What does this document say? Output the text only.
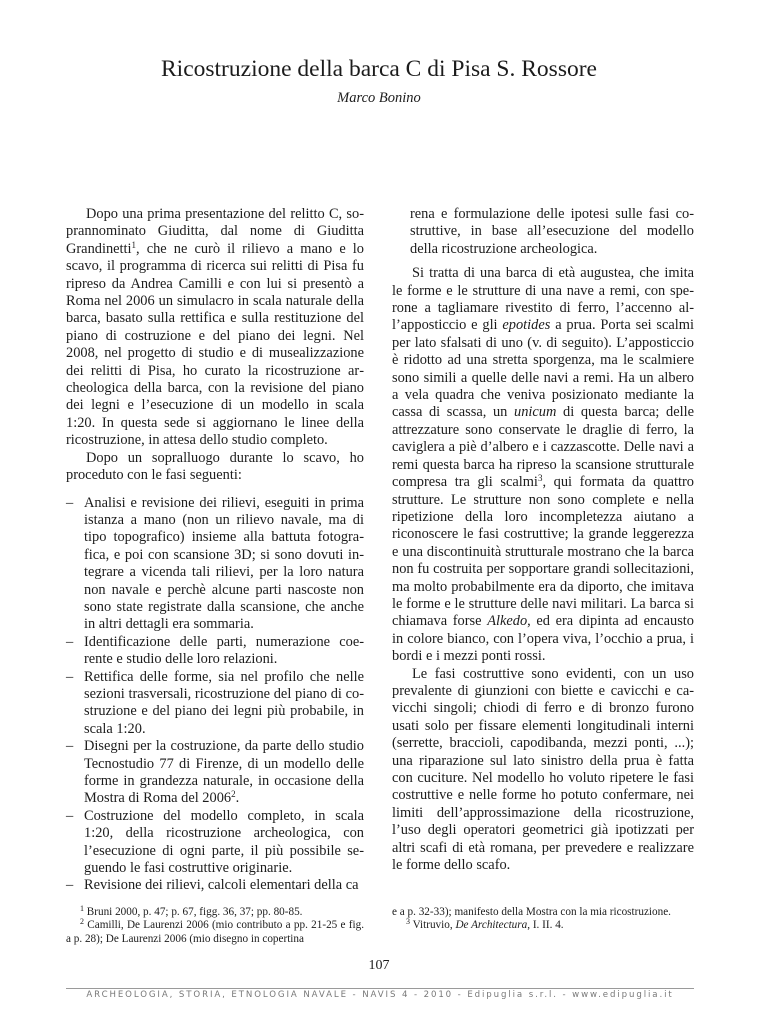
Ricostruzione della barca C di Pisa S. Rossore
Marco Bonino

Dopo una prima presentazione del relitto C, soprannominato Giuditta, dal nome di Giuditta Grandinetti$^1$, che ne curò il rilievo a mano e lo scavo, il programma di ricerca sui relitti di Pisa fu ripreso da Andrea Camilli e con lui si presentò a Roma nel 2006 un simulacro in scala naturale della barca, basato sulla rettifica e sulla restituzione del piano di costruzione e del piano dei legni. Nel 2008, nel progetto di studio e di musealizzazione dei relitti di Pisa, ho curato la ricostruzione archeologica della barca, con la revisione del piano dei legni e l’esecuzione di un modello in scala 1:20. In questa sede si aggiornano le linee della ricostruzione, in attesa dello studio completo.

Dopo un sopralluogo durante lo scavo, ho proceduto con le fasi seguenti:

– Analisi e revisione dei rilievi, eseguiti in prima istanza a mano (non un rilievo navale, ma di tipo topografico) insieme alla battuta fotografica, e poi con scansione 3D; si sono dovuti integrare a vicenda tali rilievi, per la loro natura non navale e perchè alcune parti nascoste non sono state registrate dalla scansione, che anche in altri dettagli era sommaria.
– Identificazione delle parti, numerazione coerente e studio delle loro relazioni.
– Rettifica delle forme, sia nel profilo che nelle sezioni trasversali, ricostruzione del piano di costruzione e del piano dei legni più probabile, in scala 1:20.
– Disegni per la costruzione, da parte dello studio Tecnostudio 77 di Firenze, di un modello delle forme in grandezza naturale, in occasione della Mostra di Roma del 2006$^2$.
– Costruzione del modello completo, in scala 1:20, della ricostruzione archeologica, con l’esecuzione di ogni parte, il più possibile seguendo le fasi costruttive originarie.
– Revisione dei rilievi, calcoli elementari della ca

rena e formulazione delle ipotesi sulle fasi costruttive, in base all’esecuzione del modello della ricostruzione archeologica.

Si tratta di una barca di età augustea, che imita le forme e le strutture di una nave a remi, con sperone a tagliamare rivestito di ferro, l’accenno all’apposticcio e gli epotides a prua. Porta sei scalmi per lato sfalsati di uno (v. di seguito). L’apposticcio è ridotto ad una stretta sporgenza, ma le scalmiere sono simili a quelle delle navi a remi. Ha un albero a vela quadra che veniva posizionato mediante la cassa di scassa, un unicum di questa barca; delle attrezzature sono conservate le draglie di ferro, la caviglera a piè d’albero e i cazzascotte. Delle navi a remi questa barca ha ripreso la scansione strutturale compresa tra gli scalmi$^3$, qui formata da quattro strutture. Le strutture non sono complete e nella ripetizione della loro incompletezza aiutano a riconoscere le fasi costruttive; la grande leggerezza e una discontinuità strutturale mostrano che la barca non fu costruita per sopportare grandi sollecitazioni, ma molto probabilmente era da diporto, che imitava le forme e le strutture delle navi militari. La barca si chiamava forse Alkedo, ed era dipinta ad encausto in colore bianco, con l’opera viva, l’occhio a prua, i bordi e i mezzi ponti rossi.

Le fasi costruttive sono evidenti, con un uso prevalente di giunzioni con biette e cavicchi e cavicchi singoli; chiodi di ferro e di bronzo furono usati solo per fissare elementi longitudinali interni (serrette, braccioli, capodibanda, mezzi ponti, ...); una riparazione sul lato sinistro della prua è fatta con cuciture. Nel modello ho voluto ripetere le fasi costruttive e nelle forme ho potuto confermare, nei limiti dell’approssimazione della ricostruzione, l’uso degli operatori geometrici già ipotizzati per altri scafi di età romana, per prevedere e realizzare le forme dello scafo.

$^1$ Bruni 2000, p. 47; p. 67, figg. 36, 37; pp. 80-85.

$^2$ Camilli, De Laurenzi 2006 (mio contributo a pp. 21-25 e fig. a p. 28); De Laurenzi 2006 (mio disegno in copertina

e a p. 32-33); manifesto della Mostra con la mia ricostruzione.

$^3$ Vitruvio, De Architectura, I. II. 4.

107
ARCHEOLOGIA, STORIA, ETNOLOGIA NAVALE - NAVIS 4 - 2010 - Edipuglia s.r.l. - www.edipuglia.it
